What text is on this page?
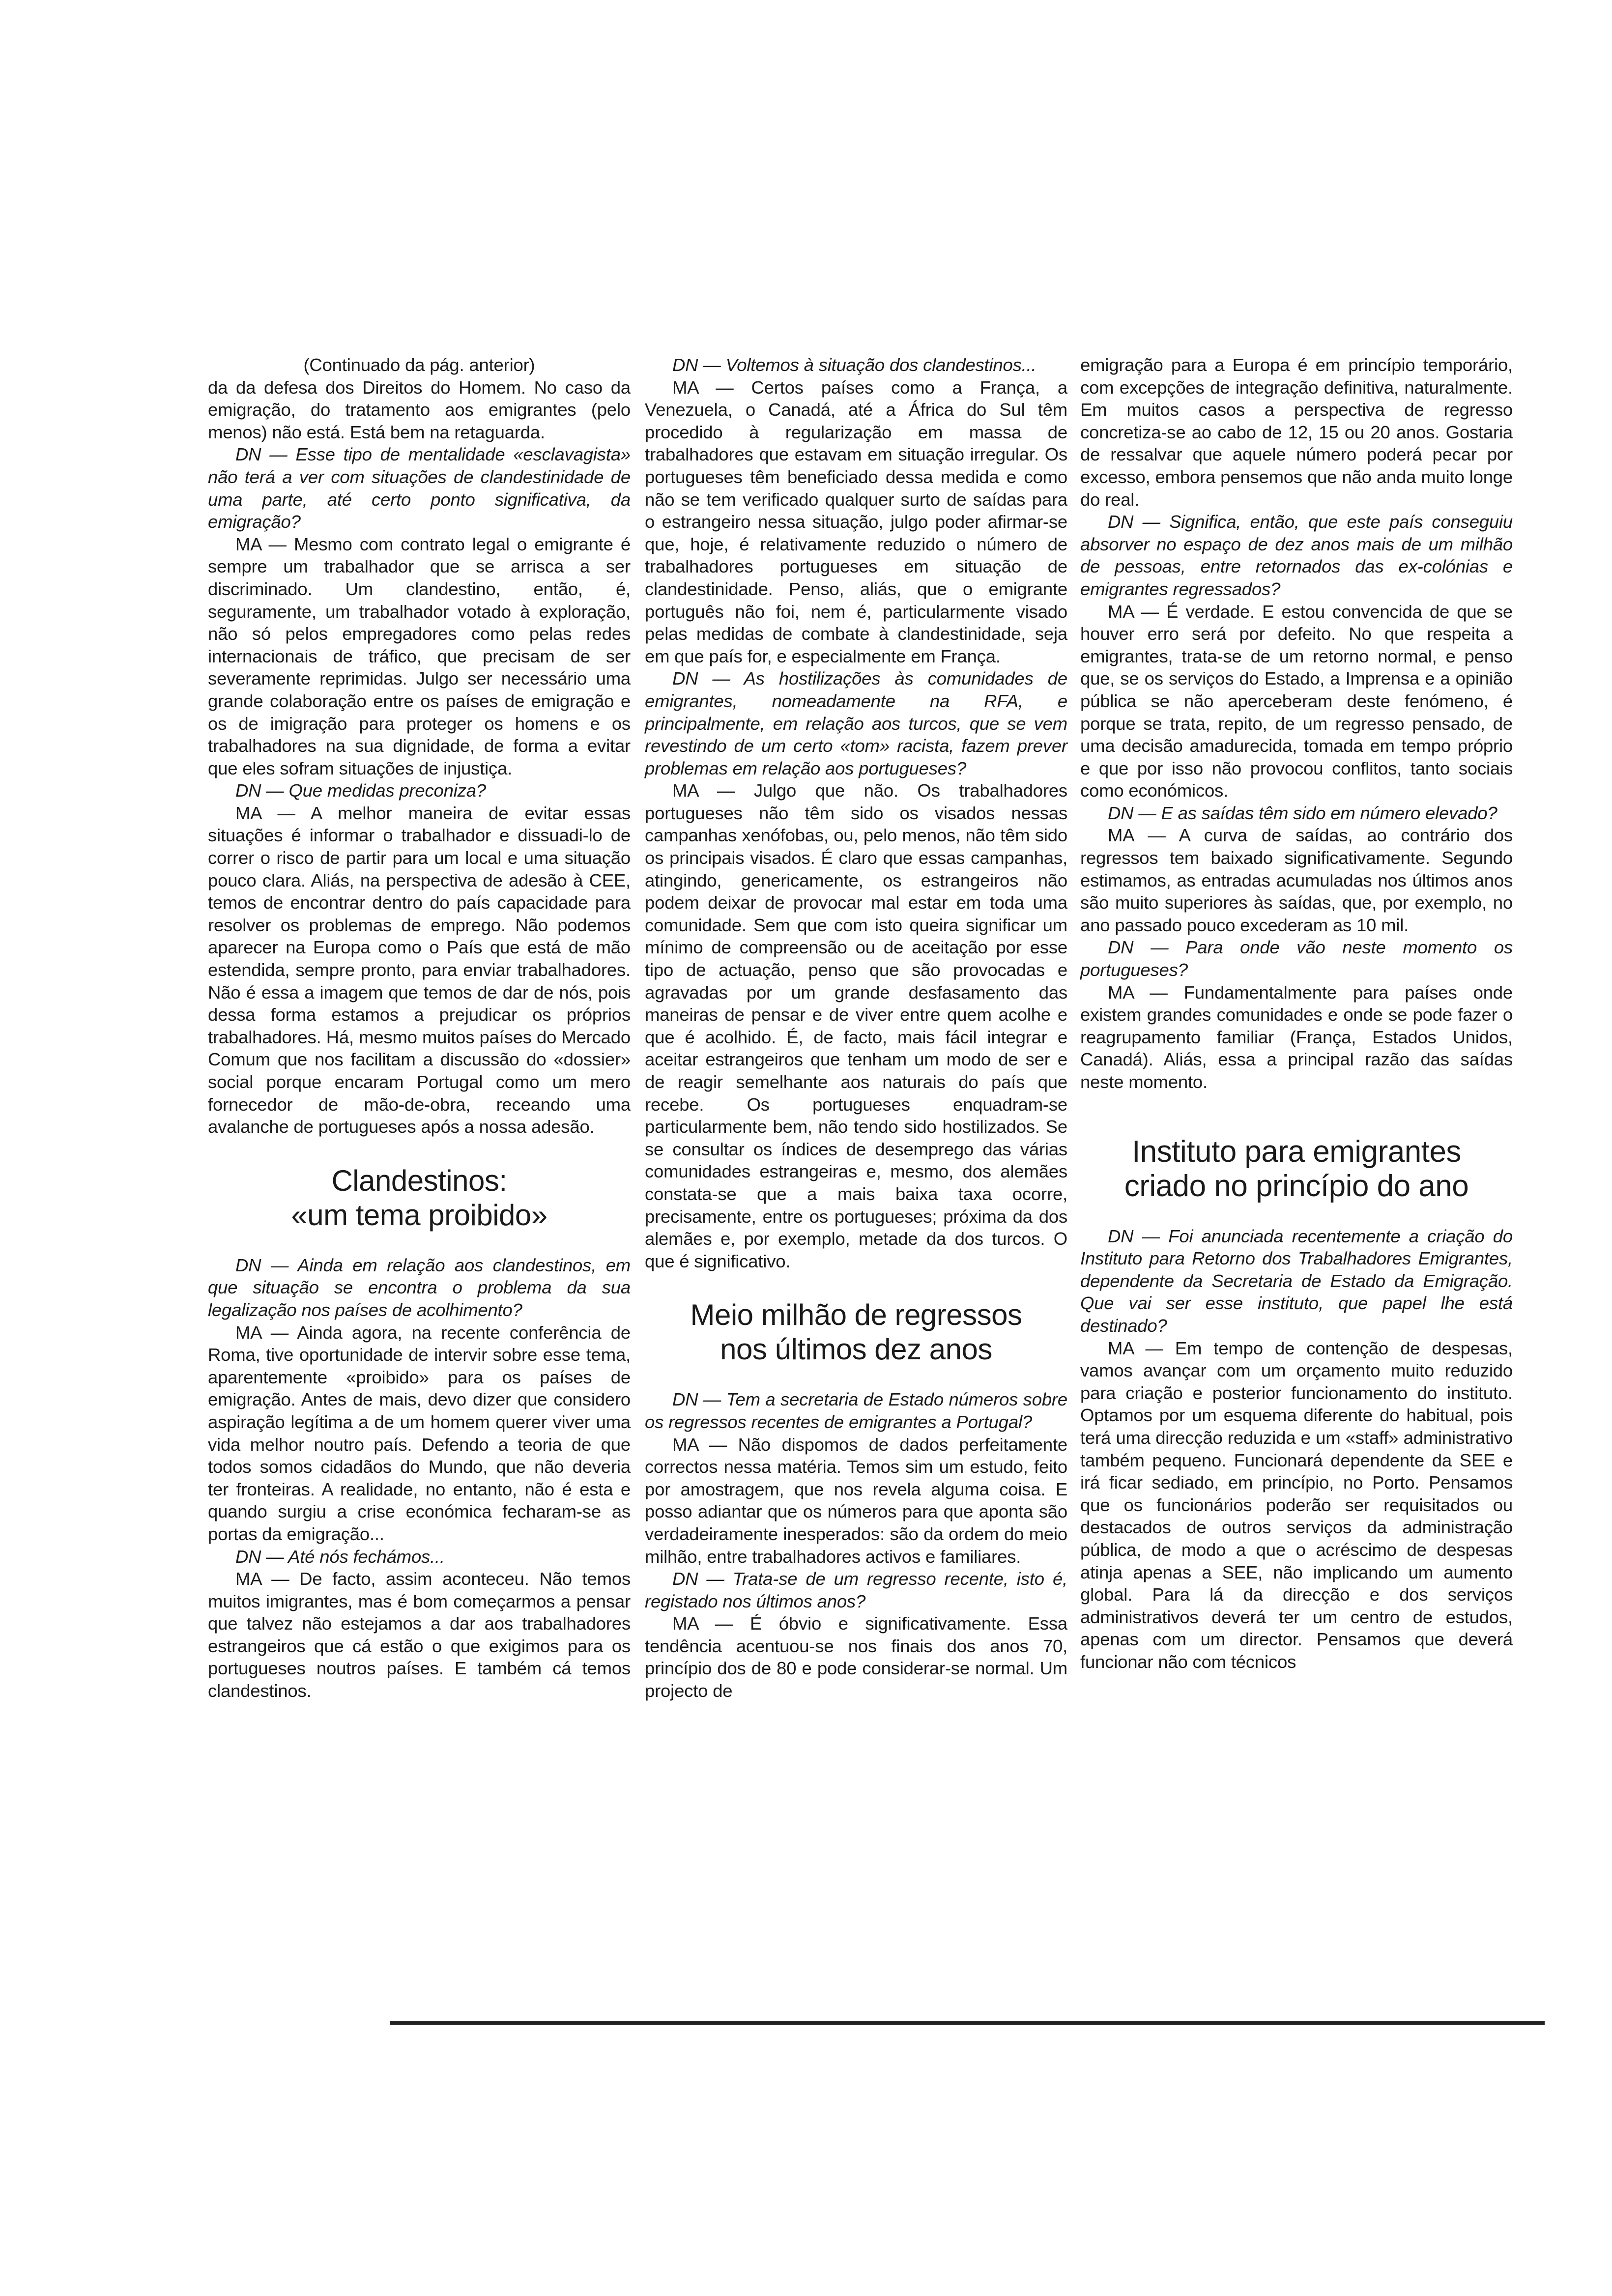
(Continuado da pág. anterior)

da da defesa dos Direitos do Homem. No caso da emigração, do tratamento aos emigrantes (pelo menos) não está. Está bem na retaguarda.

DN — Esse tipo de mentalidade «esclavagista» não terá a ver com situações de clandestinidade de uma parte, até certo ponto significativa, da emigração?

MA — Mesmo com contrato legal o emigrante é sempre um trabalhador que se arrisca a ser discriminado. Um clandestino, então, é, seguramente, um trabalhador votado à exploração, não só pelos empregadores como pelas redes internacionais de tráfico, que precisam de ser severamente reprimidas. Julgo ser necessário uma grande colaboração entre os países de emigração e os de imigração para proteger os homens e os trabalhadores na sua dignidade, de forma a evitar que eles sofram situações de injustiça.

DN — Que medidas preconiza?

MA — A melhor maneira de evitar essas situações é informar o trabalhador e dissuadi-lo de correr o risco de partir para um local e uma situação pouco clara. Aliás, na perspectiva de adesão à CEE, temos de encontrar dentro do país capacidade para resolver os problemas de emprego. Não podemos aparecer na Europa como o País que está de mão estendida, sempre pronto, para enviar trabalhadores. Não é essa a imagem que temos de dar de nós, pois dessa forma estamos a prejudicar os próprios trabalhadores. Há, mesmo muitos países do Mercado Comum que nos facilitam a discussão do «dossier» social porque encaram Portugal como um mero fornecedor de mão-de-obra, receando uma avalanche de portugueses após a nossa adesão.

Clandestinos:
«um tema proibido»

DN — Ainda em relação aos clandestinos, em que situação se encontra o problema da sua legalização nos países de acolhimento?

MA — Ainda agora, na recente conferência de Roma, tive oportunidade de intervir sobre esse tema, aparentemente «proibido» para os países de emigração. Antes de mais, devo dizer que considero aspiração legítima a de um homem querer viver uma vida melhor noutro país. Defendo a teoria de que todos somos cidadãos do Mundo, que não deveria ter fronteiras. A realidade, no entanto, não é esta e quando surgiu a crise económica fecharam-se as portas da emigração...

DN — Até nós fechámos...

MA — De facto, assim aconteceu. Não temos muitos imigrantes, mas é bom começarmos a pensar que talvez não estejamos a dar aos trabalhadores estrangeiros que cá estão o que exigimos para os portugueses noutros países. E também cá temos clandestinos.

DN — Voltemos à situação dos clandestinos...

MA — Certos países como a França, a Venezuela, o Canadá, até a África do Sul têm procedido à regularização em massa de trabalhadores que estavam em situação irregular. Os portugueses têm beneficiado dessa medida e como não se tem verificado qualquer surto de saídas para o estrangeiro nessa situação, julgo poder afirmar-se que, hoje, é relativamente reduzido o número de trabalhadores portugueses em situação de clandestinidade. Penso, aliás, que o emigrante português não foi, nem é, particularmente visado pelas medidas de combate à clandestinidade, seja em que país for, e especialmente em França.

DN — As hostilizações às comunidades de emigrantes, nomeadamente na RFA, e principalmente, em relação aos turcos, que se vem revestindo de um certo «tom» racista, fazem prever problemas em relação aos portugueses?

MA — Julgo que não. Os trabalhadores portugueses não têm sido os visados nessas campanhas xenófobas, ou, pelo menos, não têm sido os principais visados. É claro que essas campanhas, atingindo, genericamente, os estrangeiros não podem deixar de provocar mal estar em toda uma comunidade. Sem que com isto queira significar um mínimo de compreensão ou de aceitação por esse tipo de actuação, penso que são provocadas e agravadas por um grande desfasamento das maneiras de pensar e de viver entre quem acolhe e que é acolhido. É, de facto, mais fácil integrar e aceitar estrangeiros que tenham um modo de ser e de reagir semelhante aos naturais do país que recebe. Os portugueses enquadram-se particularmente bem, não tendo sido hostilizados. Se se consultar os índices de desemprego das várias comunidades estrangeiras e, mesmo, dos alemães constata-se que a mais baixa taxa ocorre, precisamente, entre os portugueses; próxima da dos alemães e, por exemplo, metade da dos turcos. O que é significativo.

Meio milhão de regressos
nos últimos dez anos

DN — Tem a secretaria de Estado números sobre os regressos recentes de emigrantes a Portugal?

MA — Não dispomos de dados perfeitamente correctos nessa matéria. Temos sim um estudo, feito por amostragem, que nos revela alguma coisa. E posso adiantar que os números para que aponta são verdadeiramente inesperados: são da ordem do meio milhão, entre trabalhadores activos e familiares.

DN — Trata-se de um regresso recente, isto é, registado nos últimos anos?

MA — É óbvio e significativamente. Essa tendência acentuou-se nos finais dos anos 70, princípio dos de 80 e pode considerar-se normal. Um projecto de

emigração para a Europa é em princípio temporário, com excepções de integração definitiva, naturalmente. Em muitos casos a perspectiva de regresso concretiza-se ao cabo de 12, 15 ou 20 anos. Gostaria de ressalvar que aquele número poderá pecar por excesso, embora pensemos que não anda muito longe do real.

DN — Significa, então, que este país conseguiu absorver no espaço de dez anos mais de um milhão de pessoas, entre retornados das ex-colónias e emigrantes regressados?

MA — É verdade. E estou convencida de que se houver erro será por defeito. No que respeita a emigrantes, trata-se de um retorno normal, e penso que, se os serviços do Estado, a Imprensa e a opinião pública se não aperceberam deste fenómeno, é porque se trata, repito, de um regresso pensado, de uma decisão amadurecida, tomada em tempo próprio e que por isso não provocou conflitos, tanto sociais como económicos.

DN — E as saídas têm sido em número elevado?

MA — A curva de saídas, ao contrário dos regressos tem baixado significativamente. Segundo estimamos, as entradas acumuladas nos últimos anos são muito superiores às saídas, que, por exemplo, no ano passado pouco excederam as 10 mil.

DN — Para onde vão neste momento os portugueses?

MA — Fundamentalmente para países onde existem grandes comunidades e onde se pode fazer o reagrupamento familiar (França, Estados Unidos, Canadá). Aliás, essa a principal razão das saídas neste momento.

Instituto para emigrantes
criado no princípio do ano

DN — Foi anunciada recentemente a criação do Instituto para Retorno dos Trabalhadores Emigrantes, dependente da Secretaria de Estado da Emigração. Que vai ser esse instituto, que papel lhe está destinado?

MA — Em tempo de contenção de despesas, vamos avançar com um orçamento muito reduzido para criação e posterior funcionamento do instituto. Optamos por um esquema diferente do habitual, pois terá uma direcção reduzida e um «staff» administrativo também pequeno. Funcionará dependente da SEE e irá ficar sediado, em princípio, no Porto. Pensamos que os funcionários poderão ser requisitados ou destacados de outros serviços da administração pública, de modo a que o acréscimo de despesas atinja apenas a SEE, não implicando um aumento global. Para lá da direcção e dos serviços administrativos deverá ter um centro de estudos, apenas com um director. Pensamos que deverá funcionar não com técnicos
